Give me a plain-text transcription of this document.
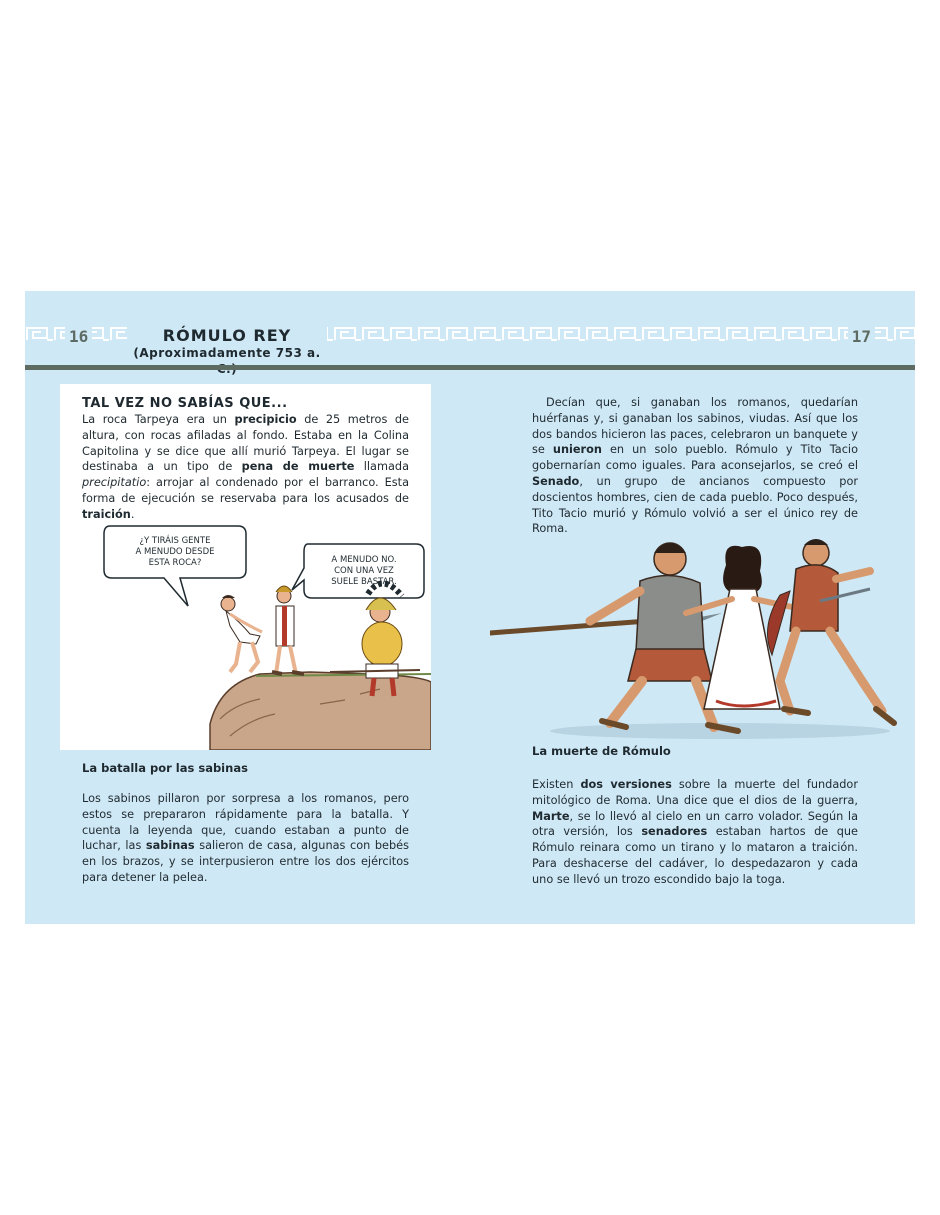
16	17
RÓMULO REY
(Aproximadamente 753 a.
TAL VEZ NO SABÍAS QUE...

La roca Tarpeya era un precipicio de 25 metros de altura, con rocas afiladas al fondo. Estaba en la Colina Capitolina y se dice que allí murió Tarpeya. El lugar se destinaba a un tipo de pena de muerte llamada precipitatio: arrojar al condenado por el barranco. Esta forma de ejecución se reservaba para los acusados de traición.

¿Y TIRÁIS GENTE
A MENUDO DESDE
ESTA ROCA?	A MENUDO NO.
CON UNA VEZ
SUELE BASTAR.
La batalla por las sabinas

Los sabinos pillaron por sorpresa a los romanos, pero estos se prepararon rápidamente para la batalla. Y cuenta la leyenda que, cuando estaban a punto de luchar, las sabinas salieron de casa, algunas con bebés en los brazos, y se interpusieron entre los dos ejércitos para detener la pelea.

Decían que, si ganaban los romanos, quedarían huérfanas y, si ganaban los sabinos, viudas. Así que los dos bandos hicieron las paces, celebraron un banquete y se unieron en un solo pueblo. Rómulo y Tito Tacio gobernarían como iguales. Para aconsejarlos, se creó el Senado, un grupo de ancianos compuesto por doscientos hombres, cien de cada pueblo. Poco después, Tito Tacio murió y Rómulo volvió a ser el único rey de Roma.

La muerte de Rómulo

Existen dos versiones sobre la muerte del fundador mitológico de Roma. Una dice que el dios de la guerra, Marte, se lo llevó al cielo en un carro volador. Según la otra versión, los senadores estaban hartos de que Rómulo reinara como un tirano y lo mataron a traición. Para deshacerse del cadáver, lo despedazaron y cada uno se llevó un trozo escondido bajo la toga.
